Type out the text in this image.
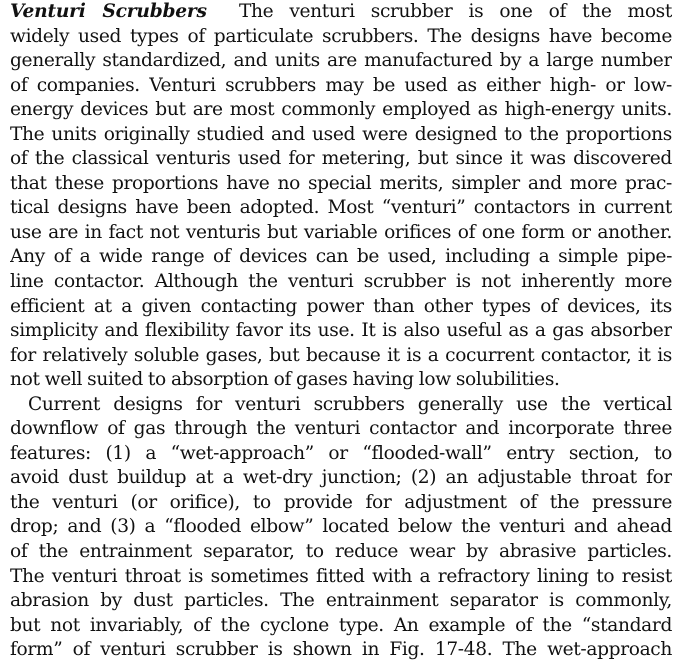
Venturi Scrubbers The venturi scrubber is one of the most
widely used types of particulate scrubbers. The designs have become
generally standardized, and units are manufactured by a large number
of companies. Venturi scrubbers may be used as either high- or low-
energy devices but are most commonly employed as high-energy units.
The units originally studied and used were designed to the proportions
of the classical venturis used for metering, but since it was discovered
that these proportions have no special merits, simpler and more prac-
tical designs have been adopted. Most “venturi” contactors in current
use are in fact not venturis but variable orifices of one form or another.
Any of a wide range of devices can be used, including a simple pipe-
line contactor. Although the venturi scrubber is not inherently more
efficient at a given contacting power than other types of devices, its
simplicity and flexibility favor its use. It is also useful as a gas absorber
for relatively soluble gases, but because it is a cocurrent contactor, it is
not well suited to absorption of gases having low solubilities.
Current designs for venturi scrubbers generally use the vertical
downflow of gas through the venturi contactor and incorporate three
features: (1) a “wet-approach” or “flooded-wall” entry section, to
avoid dust buildup at a wet-dry junction; (2) an adjustable throat for
the venturi (or orifice), to provide for adjustment of the pressure
drop; and (3) a “flooded elbow” located below the venturi and ahead
of the entrainment separator, to reduce wear by abrasive particles.
The venturi throat is sometimes fitted with a refractory lining to resist
abrasion by dust particles. The entrainment separator is commonly,
but not invariably, of the cyclone type. An example of the “standard
form” of venturi scrubber is shown in Fig. 17-48. The wet-approach
